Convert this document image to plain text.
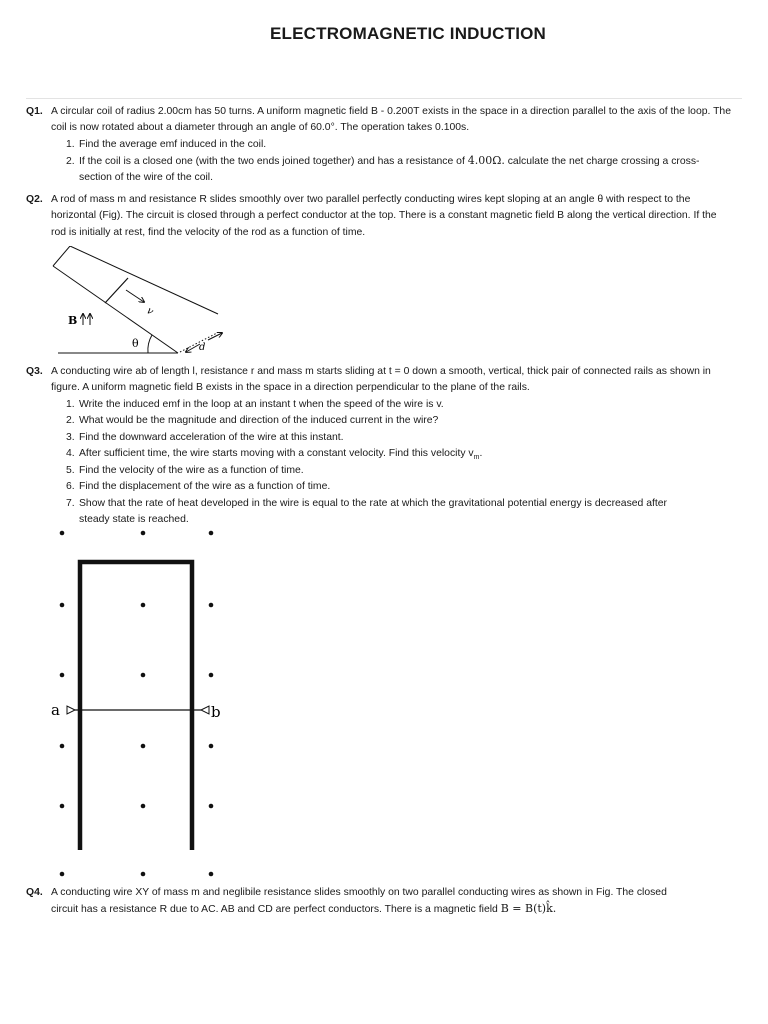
ELECTROMAGNETIC INDUCTION
Q1. A circular coil of radius 2.00cm has 50 turns. A uniform magnetic field B - 0.200T exists in the space in a direction parallel to the axis of the loop. The coil is now rotated about a diameter through an angle of 60.0°. The operation takes 0.100s.
1. Find the average emf induced in the coil.
2. If the coil is a closed one (with the two ends joined together) and has a resistance of 4.00Ω. calculate the net charge crossing a cross-
section of the wire of the coil.
Q2. A rod of mass m and resistance R slides smoothly over two parallel perfectly conducting wires kept sloping at an angle θ with respect to the horizontal (Fig). The circuit is closed through a perfect conductor at the top. There is a constant magnetic field B along the vertical direction. If the rod is initially at rest, find the velocity of the rod as a function of time.
v
θ
B
d
Q3. A conducting wire ab of length l, resistance r and mass m starts sliding at t = 0 down a smooth, vertical, thick pair of connected rails as shown in figure. A uniform magnetic field B exists in the space in a direction perpendicular to the plane of the rails.
1. Write the induced emf in the loop at an instant t when the speed of the wire is v.
2. What would be the magnitude and direction of the induced current in the wire?
3. Find the downward acceleration of the wire at this instant.
4. After sufficient time, the wire starts moving with a constant velocity. Find this velocity $v_m$.
5. Find the velocity of the wire as a function of time.
6. Find the displacement of the wire as a function of time.
7. Show that the rate of heat developed in the wire is equal to the rate at which the gravitational potential energy is decreased after
steady state is reached.
a	b
Q4. A conducting wire XY of mass m and neglibile resistance slides smoothly on two parallel conducting wires as shown in Fig. The closed
circuit has a resistance R due to AC. AB and CD are perfect conductors. There is a magnetic field B = B(t)k̂.
